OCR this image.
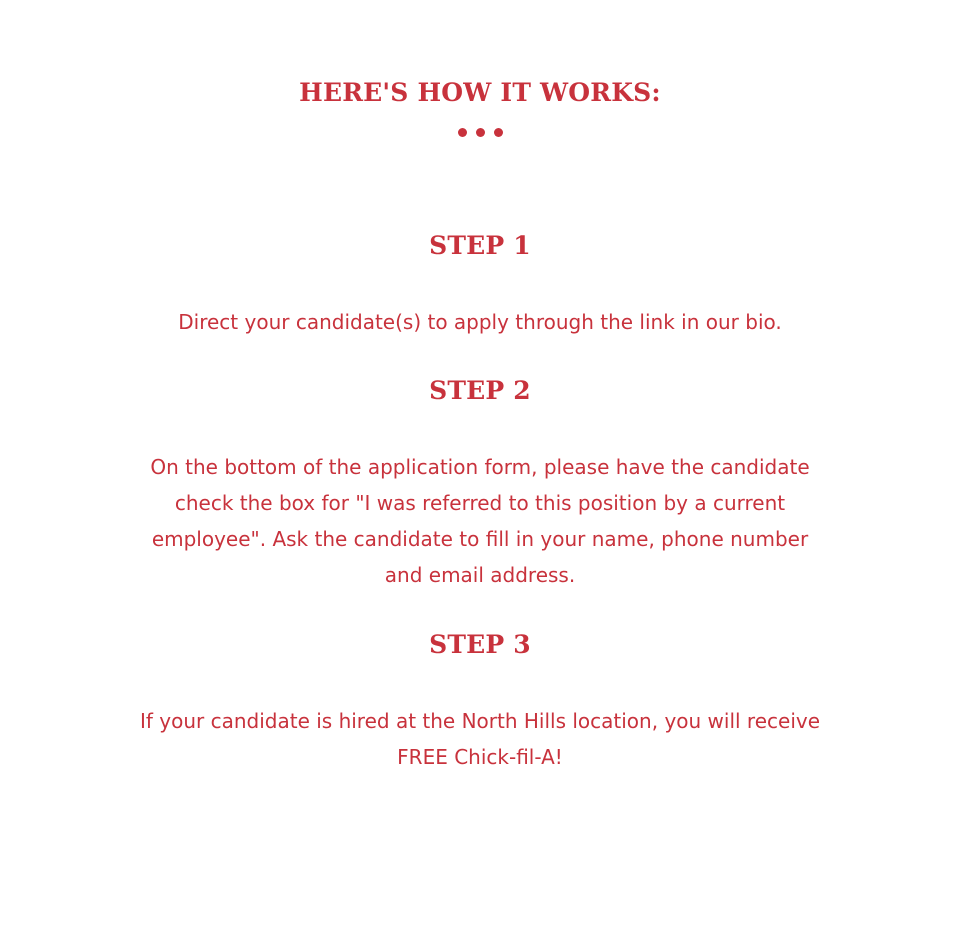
HERE'S HOW IT WORKS:
STEP 1
Direct your candidate(s) to apply through the link in our bio.
STEP 2
On the bottom of the application form, please have the candidate
check the box for "I was referred to this position by a current
employee". Ask the candidate to fill in your name, phone number
and email address.
STEP 3
If your candidate is hired at the North Hills location, you will receive
FREE Chick-fil-A!
